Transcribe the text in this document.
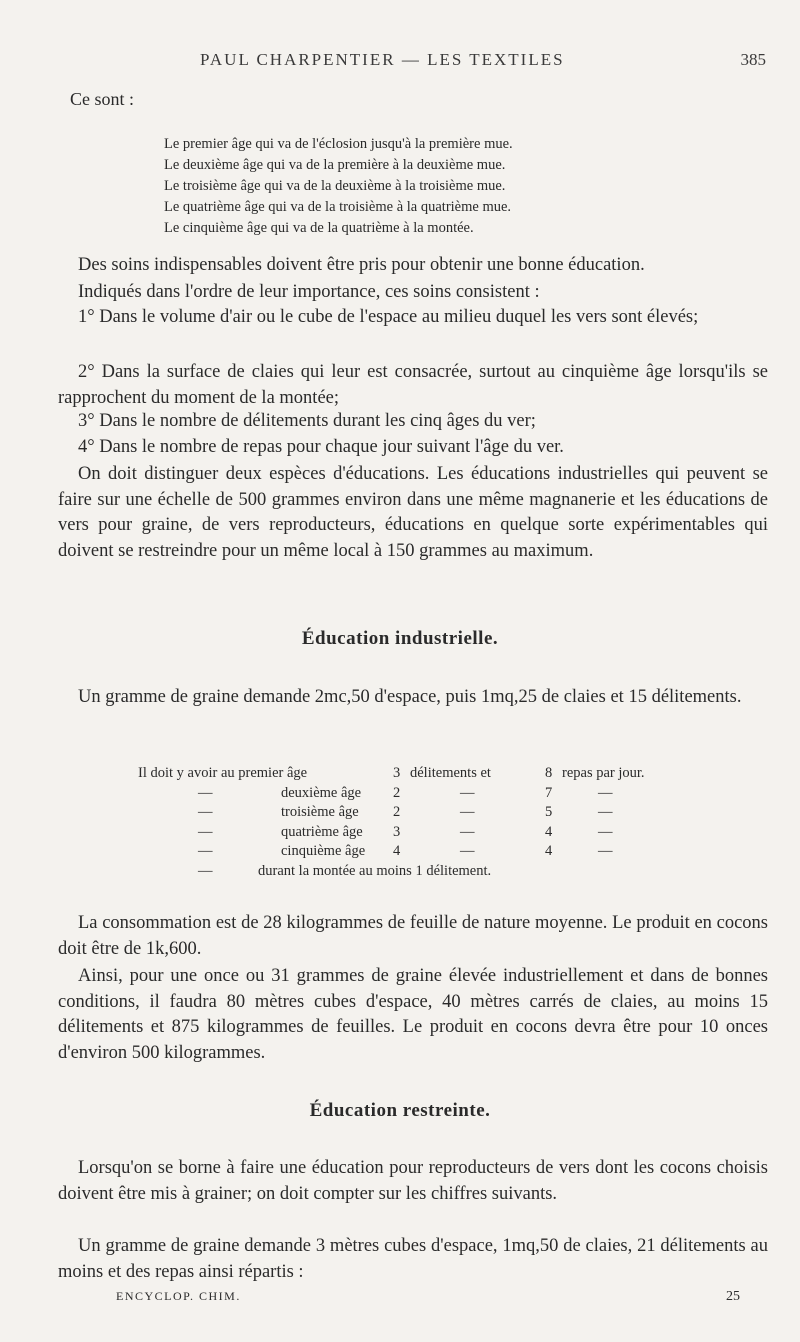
PAUL CHARPENTIER — LES TEXTILES	385
Ce sont :
Le premier âge qui va de l'éclosion jusqu'à la première mue.
Le deuxième âge qui va de la première à la deuxième mue.
Le troisième âge qui va de la deuxième à la troisième mue.
Le quatrième âge qui va de la troisième à la quatrième mue.
Le cinquième âge qui va de la quatrième à la montée.
Des soins indispensables doivent être pris pour obtenir une bonne éducation.
Indiqués dans l'ordre de leur importance, ces soins consistent :
1° Dans le volume d'air ou le cube de l'espace au milieu duquel les vers sont élevés;
2° Dans la surface de claies qui leur est consacrée, surtout au cinquième âge lorsqu'ils se rapprochent du moment de la montée;
3° Dans le nombre de délitements durant les cinq âges du ver;
4° Dans le nombre de repas pour chaque jour suivant l'âge du ver.
On doit distinguer deux espèces d'éducations. Les éducations industrielles qui peuvent se faire sur une échelle de 500 grammes environ dans une même magnanerie et les éducations de vers pour graine, de vers reproducteurs, éducations en quelque sorte expérimentables qui doivent se restreindre pour un même local à 150 grammes au maximum.
Éducation industrielle.
Un gramme de graine demande 2mc,50 d'espace, puis 1mq,25 de claies et 15 délitements.
Il doit y avoir au premier âge	3 délitements et	8 repas par jour.
—	deuxième âge 2	—	7	—
—	troisième âge 2	—	5	—
—	quatrième âge 3	—	4	—
—	cinquième âge 4	—	4	—
—	durant la montée au moins 1 délitement.
La consommation est de 28 kilogrammes de feuille de nature moyenne. Le produit en cocons doit être de 1k,600.
Ainsi, pour une once ou 31 grammes de graine élevée industriellement et dans de bonnes conditions, il faudra 80 mètres cubes d'espace, 40 mètres carrés de claies, au moins 15 délitements et 875 kilogrammes de feuilles. Le produit en cocons devra être pour 10 onces d'environ 500 kilogrammes.
Éducation restreinte.
Lorsqu'on se borne à faire une éducation pour reproducteurs de vers dont les cocons choisis doivent être mis à grainer; on doit compter sur les chiffres suivants.
Un gramme de graine demande 3 mètres cubes d'espace, 1mq,50 de claies, 21 délitements au moins et des repas ainsi répartis :
ENCYCLOP. CHIM.	25
